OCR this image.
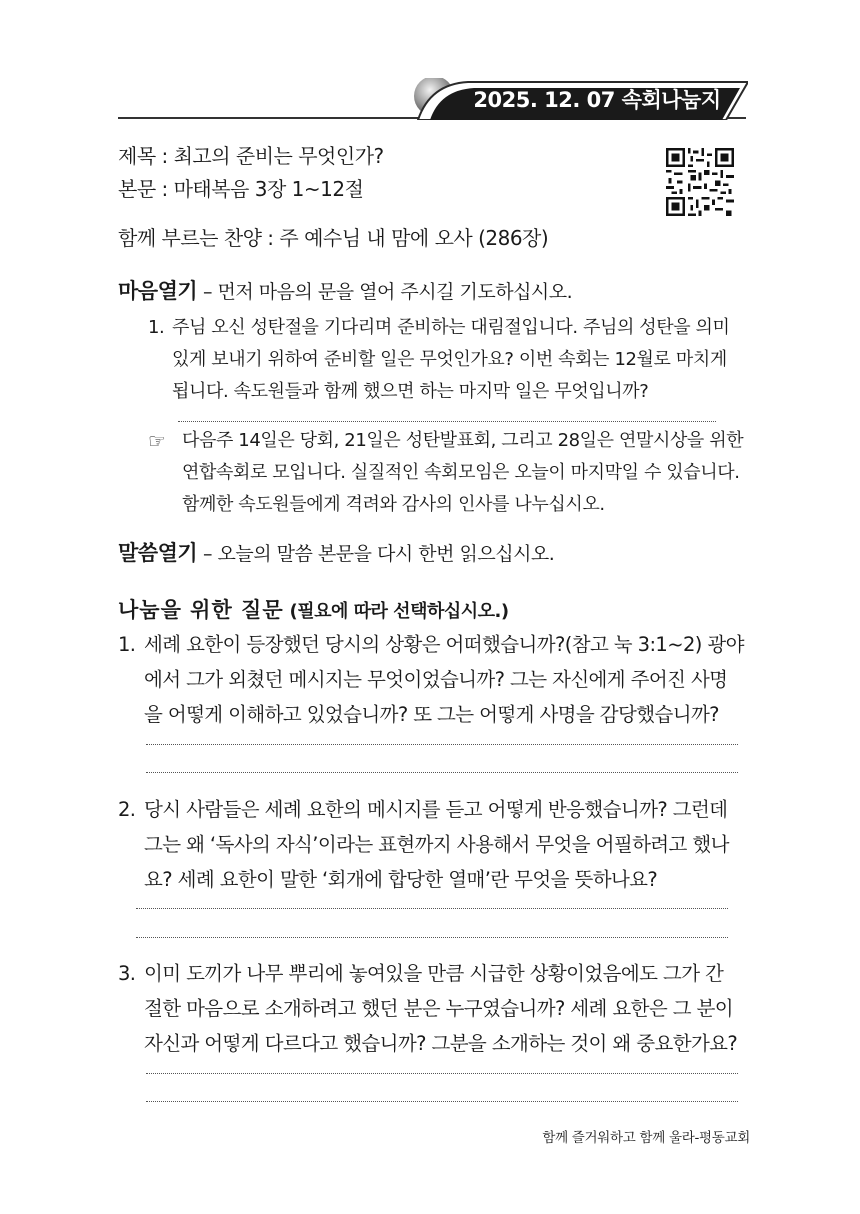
2025. 12. 07 속회나눔지
제목 : 최고의 준비는 무엇인가?
본문 : 마태복음 3장 1~12절
함께 부르는 찬양 : 주 예수님 내 맘에 오사 (286장)
마음열기 – 먼저 마음의 문을 열어 주시길 기도하십시오.
1. 주님 오신 성탄절을 기다리며 준비하는 대림절입니다. 주님의 성탄을 의미
있게 보내기 위하여 준비할 일은 무엇인가요? 이번 속회는 12월로 마치게
됩니다. 속도원들과 함께 했으면 하는 마지막 일은 무엇입니까?
☞ 다음주 14일은 당회, 21일은 성탄발표회, 그리고 28일은 연말시상을 위한
연합속회로 모입니다. 실질적인 속회모임은 오늘이 마지막일 수 있습니다.
함께한 속도원들에게 격려와 감사의 인사를 나누십시오.
말씀열기 – 오늘의 말씀 본문을 다시 한번 읽으십시오.
나눔을 위한 질문 (필요에 따라 선택하십시오.)
1. 세례 요한이 등장했던 당시의 상황은 어떠했습니까?(참고 눅 3:1~2) 광야
에서 그가 외쳤던 메시지는 무엇이었습니까? 그는 자신에게 주어진 사명
을 어떻게 이해하고 있었습니까? 또 그는 어떻게 사명을 감당했습니까?
2. 당시 사람들은 세례 요한의 메시지를 듣고 어떻게 반응했습니까? 그런데
그는 왜 ‘독사의 자식’이라는 표현까지 사용해서 무엇을 어필하려고 했나
요? 세례 요한이 말한 ‘회개에 합당한 열매’란 무엇을 뜻하나요?
3. 이미 도끼가 나무 뿌리에 놓여있을 만큼 시급한 상황이었음에도 그가 간
절한 마음으로 소개하려고 했던 분은 누구였습니까? 세례 요한은 그 분이
자신과 어떻게 다르다고 했습니까? 그분을 소개하는 것이 왜 중요한가요?
함께 즐거워하고 함께 울라-평동교회
